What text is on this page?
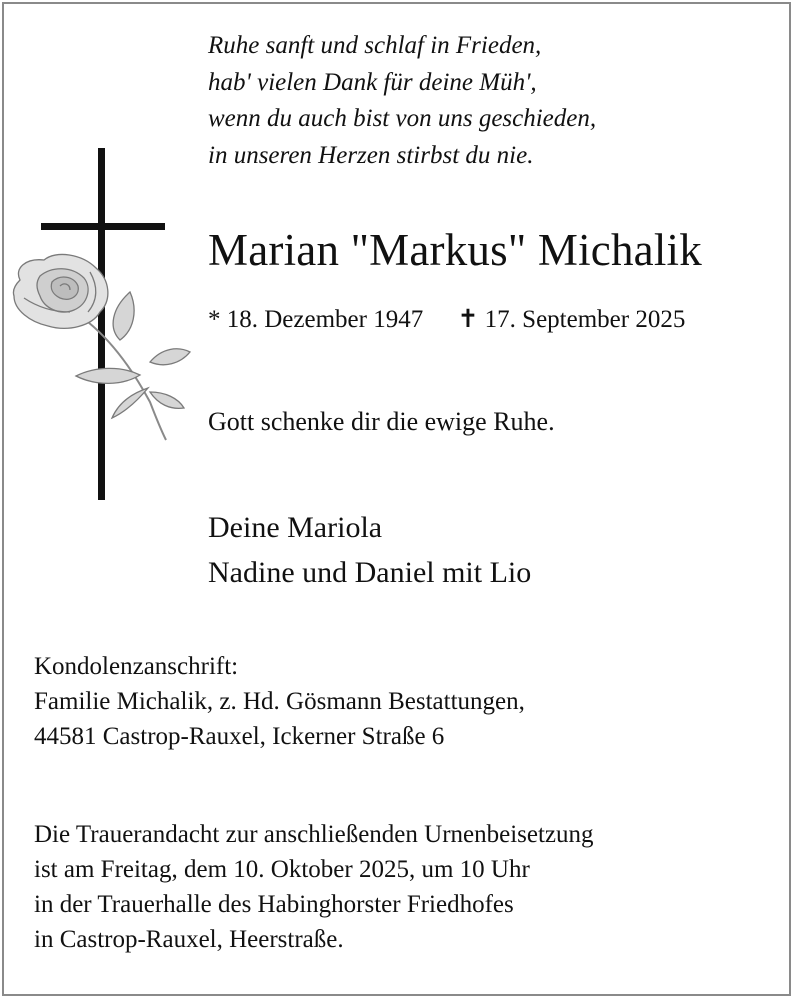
Ruhe sanft und schlaf in Frieden,
hab' vielen Dank für deine Müh',
wenn du auch bist von uns geschieden,
in unseren Herzen stirbst du nie.
Marian "Markus" Michalik
* 18. Dezember 1947 ✝ 17. September 2025
Gott schenke dir die ewige Ruhe.
Deine Mariola
Nadine und Daniel mit Lio
Kondolenzanschrift:
Familie Michalik, z. Hd. Gösmann Bestattungen,
44581 Castrop-Rauxel, Ickerner Straße 6
Die Trauerandacht zur anschließenden Urnenbeisetzung
ist am Freitag, dem 10. Oktober 2025, um 10 Uhr
in der Trauerhalle des Habinghorster Friedhofes
in Castrop-Rauxel, Heerstraße.
